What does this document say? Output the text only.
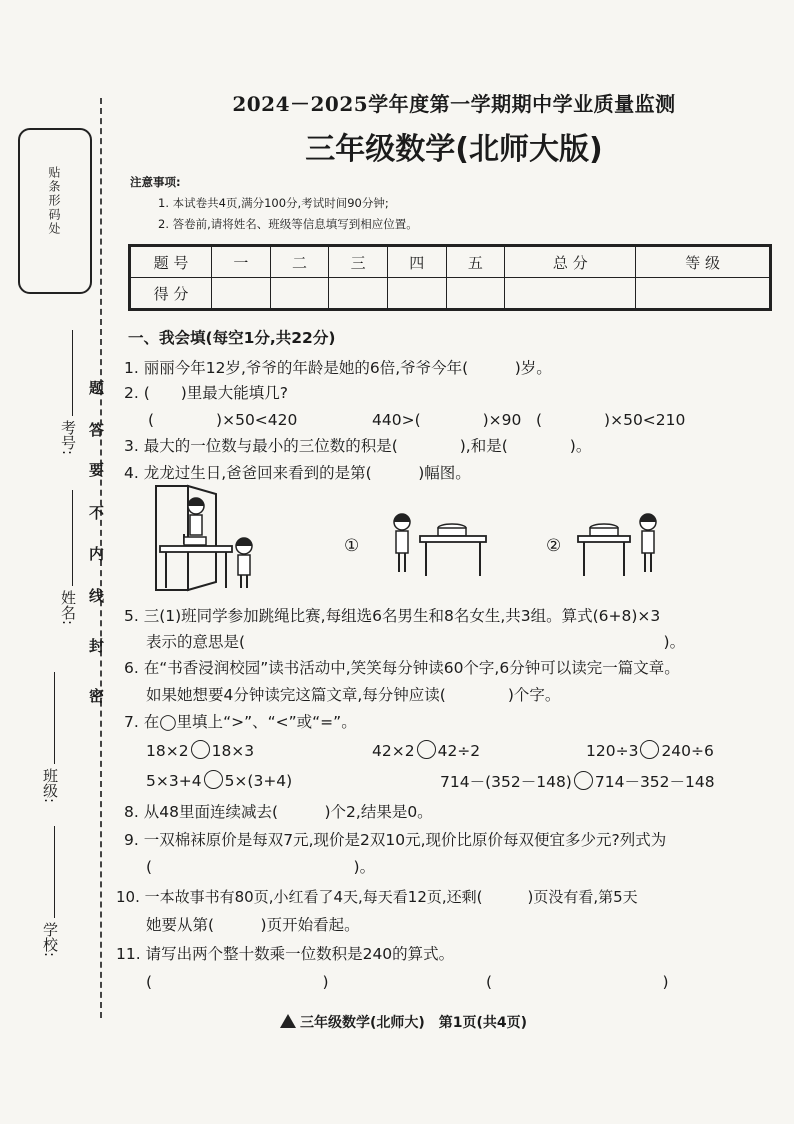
贴条形码处
题
答
要
不
内
线
封
密
考号:
姓名:
班级:
学校:
2024－2025学年度第一学期期中学业质量监测
三年级数学(北师大版)
注意事项:
1. 本试卷共4页,满分100分,考试时间90分钟;
2. 答卷前,请将姓名、班级等信息填写到相应位置。
题 号	一	二	三	四	五	总 分	等 级
得 分							
一、我会填(每空1分,共22分)
1. 丽丽今年12岁,爷爷的年龄是她的6倍,爷爷今年(　　　)岁。
2. (　　)里最大能填几?
(　　　　)×50<420	440>(　　　　)×90 (　　　　)×50<210
3. 最大的一位数与最小的三位数的积是(　　　　),和是(　　　　)。
4. 龙龙过生日,爸爸回来看到的是第(　　　)幅图。
①	②
5. 三(1)班同学参加跳绳比赛,每组选6名男生和8名女生,共3组。算式(6+8)×3
表示的意思是(　　　　　　　　　　　　　　　　　　　　　　　　　　　)。
6. 在“书香浸润校园”读书活动中,笑笑每分钟读60个字,6分钟可以读完一篇文章。
如果她想要4分钟读完这篇文章,每分钟应读(　　　　)个字。
7. 在◯里填上“>”、“<”或“=”。
18×2 18×3	42×2 42÷2	120÷3 240÷6
5×3+4 5×(3+4)	714－(352－148) 714－352－148
8. 从48里面连续减去(　　　)个2,结果是0。
9. 一双棉袜原价是每双7元,现价是2双10元,现价比原价每双便宜多少元?列式为
(　　　　　　　　　　　　　)。
10. 一本故事书有80页,小红看了4天,每天看12页,还剩(　　　)页没有看,第5天
她要从第(　　　)页开始看起。
11. 请写出两个整十数乘一位数积是240的算式。
(　　　　　　　　　　　)	(　　　　　　　　　　　)
三年级数学(北师大)　第1页(共4页)
